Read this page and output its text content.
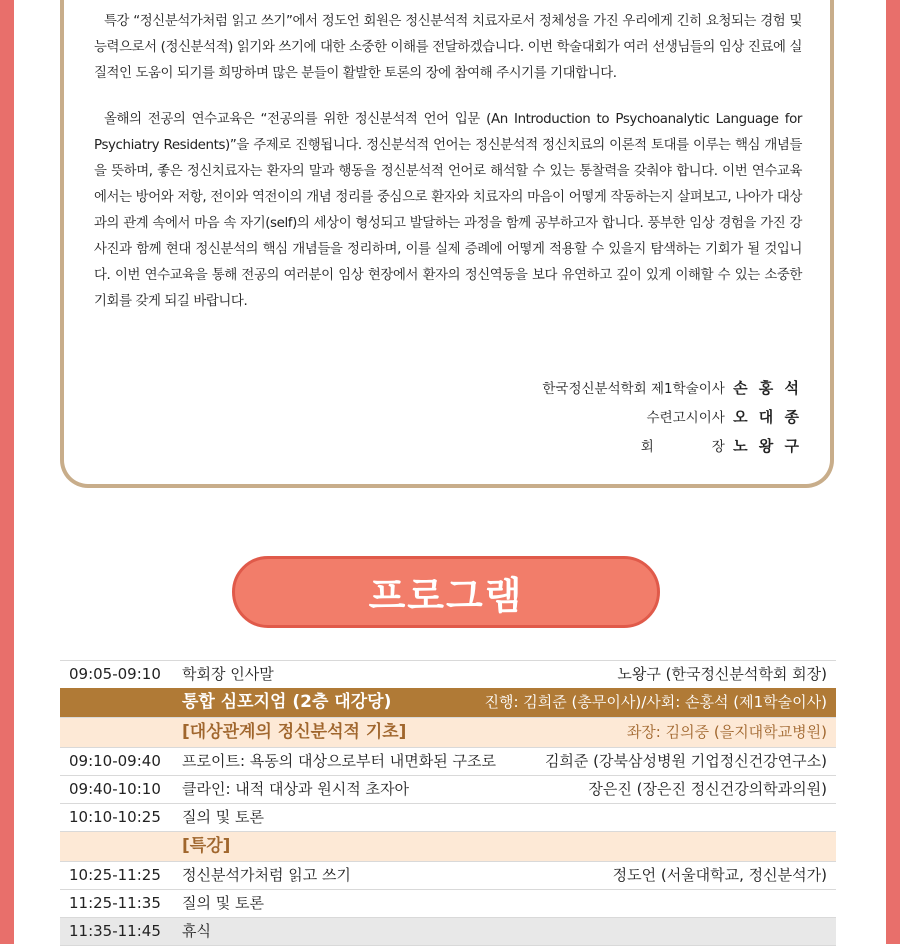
특강 “정신분석가처럼 읽고 쓰기”에서 정도언 회원은 정신분석적 치료자로서 정체성을 가진 우리에게 긴히 요청되는 경험 및 능력으로서 (정신분석적) 읽기와 쓰기에 대한 소중한 이해를 전달하겠습니다. 이번 학술대회가 여러 선생님들의 임상 진료에 실질적인 도움이 되기를 희망하며 많은 분들이 활발한 토론의 장에 참여해 주시기를 기대합니다.

올해의 전공의 연수교육은 “전공의를 위한 정신분석적 언어 입문 (An Introduction to Psychoanalytic Language for Psychiatry Residents)”을 주제로 진행됩니다. 정신분석적 언어는 정신분석적 정신치료의 이론적 토대를 이루는 핵심 개념들을 뜻하며, 좋은 정신치료자는 환자의 말과 행동을 정신분석적 언어로 해석할 수 있는 통찰력을 갖춰야 합니다. 이번 연수교육에서는 방어와 저항, 전이와 역전이의 개념 정리를 중심으로 환자와 치료자의 마음이 어떻게 작동하는지 살펴보고, 나아가 대상과의 관계 속에서 마음 속 자기(self)의 세상이 형성되고 발달하는 과정을 함께 공부하고자 합니다. 풍부한 임상 경험을 가진 강사진과 함께 현대 정신분석의 핵심 개념들을 정리하며, 이를 실제 증례에 어떻게 적용할 수 있을지 탐색하는 기회가 될 것입니다. 이번 연수교육을 통해 전공의 여러분이 임상 현장에서 환자의 정신역동을 보다 유연하고 깊이 있게 이해할 수 있는 소중한 기회를 갖게 되길 바랍니다.

한국정신분석학회 제1학술이사 손 홍 석
수련고시이사 오 대 종
회	장 노 왕 구
프로그램
09:05-09:10 학회장 인사말	노왕구 (한국정신분석학회 회장)
통합 심포지엄 (2층 대강당)	진행: 김희준 (총무이사)/사회: 손홍석 (제1학술이사)
[대상관계의 정신분석적 기초]	좌장: 김의중 (을지대학교병원)
09:10-09:40 프로이트: 욕동의 대상으로부터 내면화된 구조로	김희준 (강북삼성병원 기업정신건강연구소)
09:40-10:10 클라인: 내적 대상과 원시적 초자아	장은진 (장은진 정신건강의학과의원)
10:10-10:25 질의 및 토론
[특강]
10:25-11:25 정신분석가처럼 읽고 쓰기	정도언 (서울대학교, 정신분석가)
11:25-11:35 질의 및 토론
11:35-11:45 휴식
